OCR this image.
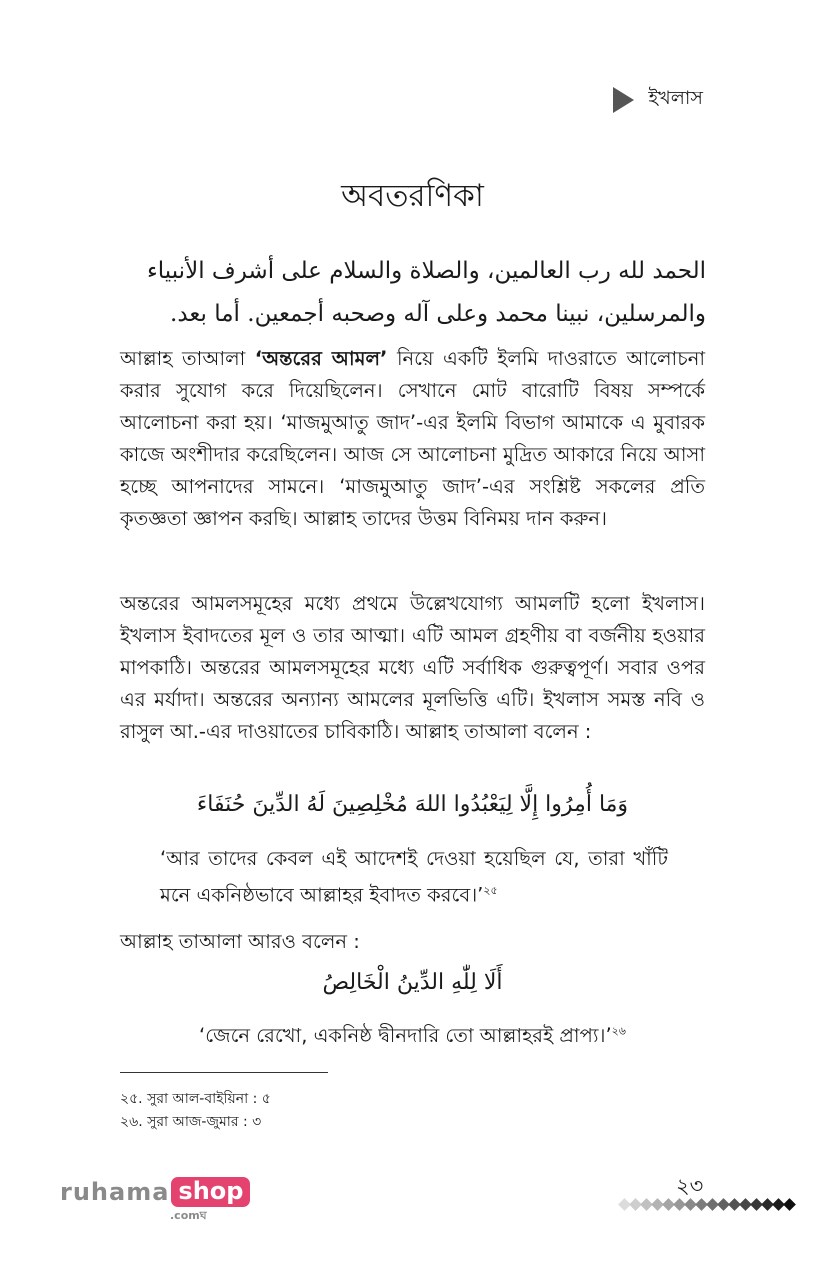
ইখলাস
অবতরণিকা
الحمد لله رب العالمين، والصلاة والسلام على أشرف الأنبياء والمرسلين، نبينا محمد وعلى آله وصحبه أجمعين. أما بعد.
আল্লাহ তাআলা ‘অন্তরের আমল’ নিয়ে একটি ইলমি দাওরাতে আলোচনা করার সুযোগ করে দিয়েছিলেন। সেখানে মোট বারোটি বিষয় সম্পর্কে আলোচনা করা হয়। ‘মাজমুআতু জাদ’-এর ইলমি বিভাগ আমাকে এ মুবারক কাজে অংশীদার করেছিলেন। আজ সে আলোচনা মুদ্রিত আকারে নিয়ে আসা হচ্ছে আপনাদের সামনে। ‘মাজমুআতু জাদ’-এর সংশ্লিষ্ট সকলের প্রতি কৃতজ্ঞতা জ্ঞাপন করছি। আল্লাহ তাদের উত্তম বিনিময় দান করুন।
অন্তরের আমলসমূহের মধ্যে প্রথমে উল্লেখযোগ্য আমলটি হলো ইখলাস। ইখলাস ইবাদতের মূল ও তার আত্মা। এটি আমল গ্রহণীয় বা বর্জনীয় হওয়ার মাপকাঠি। অন্তরের আমলসমূহের মধ্যে এটি সর্বাধিক গুরুত্বপূর্ণ। সবার ওপর এর মর্যাদা। অন্তরের অন্যান্য আমলের মূলভিত্তি এটি। ইখলাস সমস্ত নবি ও রাসুল আ.-এর দাওয়াতের চাবিকাঠি। আল্লাহ তাআলা বলেন :
وَمَا أُمِرُوا إِلَّا لِيَعْبُدُوا اللهَ مُخْلِصِينَ لَهُ الدِّينَ حُنَفَاءَ
‘আর তাদের কেবল এই আদেশই দেওয়া হয়েছিল যে, তারা খাঁটি মনে একনিষ্ঠভাবে আল্লাহর ইবাদত করবে।’$^{২৫}$
আল্লাহ তাআলা আরও বলেন :
أَلَا لِلّٰهِ الدِّينُ الْخَالِصُ
‘জেনে রেখো, একনিষ্ঠ দ্বীনদারি তো আল্লাহরই প্রাপ্য।’$^{২৬}$
২৫. সুরা আল-বাইয়িনা : ৫
২৬. সুরা আজ-জুমার : ৩
ruhama shop
.comঘ
২৩
